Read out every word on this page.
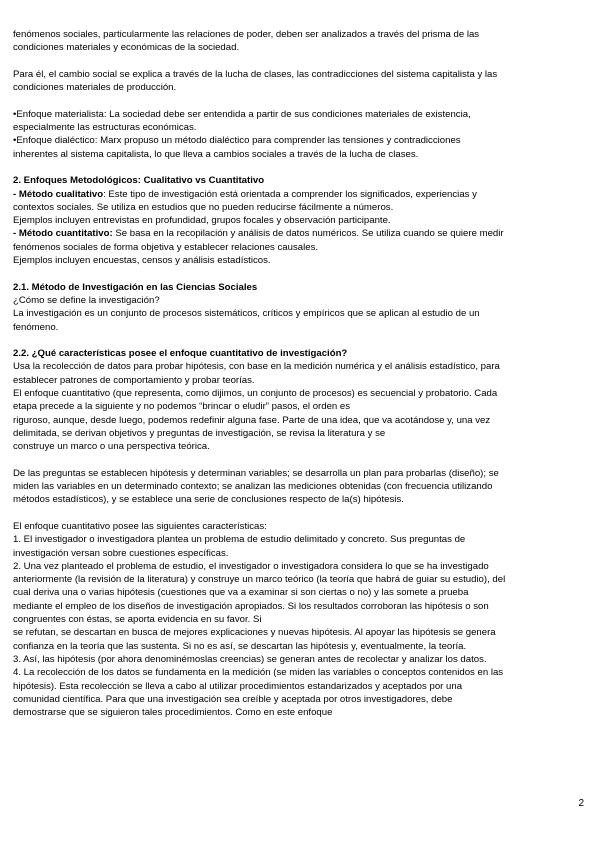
fenómenos sociales, particularmente las relaciones de poder, deben ser analizados a través del prisma de las

condiciones materiales y económicas de la sociedad.

Para él, el cambio social se explica a través de la lucha de clases, las contradicciones del sistema capitalista y las

condiciones materiales de producción.

•Enfoque materialista: La sociedad debe ser entendida a partir de sus condiciones materiales de existencia,

especialmente las estructuras económicas.

•Enfoque dialéctico: Marx propuso un método dialéctico para comprender las tensiones y contradicciones

inherentes al sistema capitalista, lo que lleva a cambios sociales a través de la lucha de clases.

2. Enfoques Metodológicos: Cualitativo vs Cuantitativo

- Método cualitativo: Este tipo de investigación está orientada a comprender los significados, experiencias y

contextos sociales. Se utiliza en estudios que no pueden reducirse fácilmente a números.

Ejemplos incluyen entrevistas en profundidad, grupos focales y observación participante.

- Método cuantitativo: Se basa en la recopilación y análisis de datos numéricos. Se utiliza cuando se quiere medir

fenómenos sociales de forma objetiva y establecer relaciones causales.

Ejemplos incluyen encuestas, censos y análisis estadísticos.

2.1. Método de Investigación en las Ciencias Sociales

¿Cómo se define la investigación?

La investigación es un conjunto de procesos sistemáticos, críticos y empíricos que se aplican al estudio de un

fenómeno.

2.2. ¿Qué características posee el enfoque cuantitativo de investigación?

Usa la recolección de datos para probar hipótesis, con base en la medición numérica y el análisis estadístico, para

establecer patrones de comportamiento y probar teorías.

El enfoque cuantitativo (que representa, como dijimos, un conjunto de procesos) es secuencial y probatorio. Cada

etapa precede a la siguiente y no podemos “brincar o eludir” pasos, el orden es

riguroso, aunque, desde luego, podemos redefinir alguna fase. Parte de una idea, que va acotándose y, una vez

delimitada, se derivan objetivos y preguntas de investigación, se revisa la literatura y se

construye un marco o una perspectiva teórica.

De las preguntas se establecen hipótesis y determinan variables; se desarrolla un plan para probarlas (diseño); se

miden las variables en un determinado contexto; se analizan las mediciones obtenidas (con frecuencia utilizando

métodos estadísticos), y se establece una serie de conclusiones respecto de la(s) hipótesis.

El enfoque cuantitativo posee las siguientes características:

1. El investigador o investigadora plantea un problema de estudio delimitado y concreto. Sus preguntas de

investigación versan sobre cuestiones específicas.

2. Una vez planteado el problema de estudio, el investigador o investigadora considera lo que se ha investigado

anteriormente (la revisión de la literatura) y construye un marco teórico (la teoría que habrá de guiar su estudio), del

cual deriva una o varias hipótesis (cuestiones que va a examinar si son ciertas o no) y las somete a prueba

mediante el empleo de los diseños de investigación apropiados. Si los resultados corroboran las hipótesis o son

congruentes con éstas, se aporta evidencia en su favor. Si

se refutan, se descartan en busca de mejores explicaciones y nuevas hipótesis. Al apoyar las hipótesis se genera

confianza en la teoría que las sustenta. Si no es así, se descartan las hipótesis y, eventualmente, la teoría.

3. Así, las hipótesis (por ahora denominémoslas creencias) se generan antes de recolectar y analizar los datos.

4. La recolección de los datos se fundamenta en la medición (se miden las variables o conceptos contenidos en las

hipótesis). Esta recolección se lleva a cabo al utilizar procedimientos estandarizados y aceptados por una

comunidad científica. Para que una investigación sea creíble y aceptada por otros investigadores, debe

demostrarse que se siguieron tales procedimientos. Como en este enfoque

2
